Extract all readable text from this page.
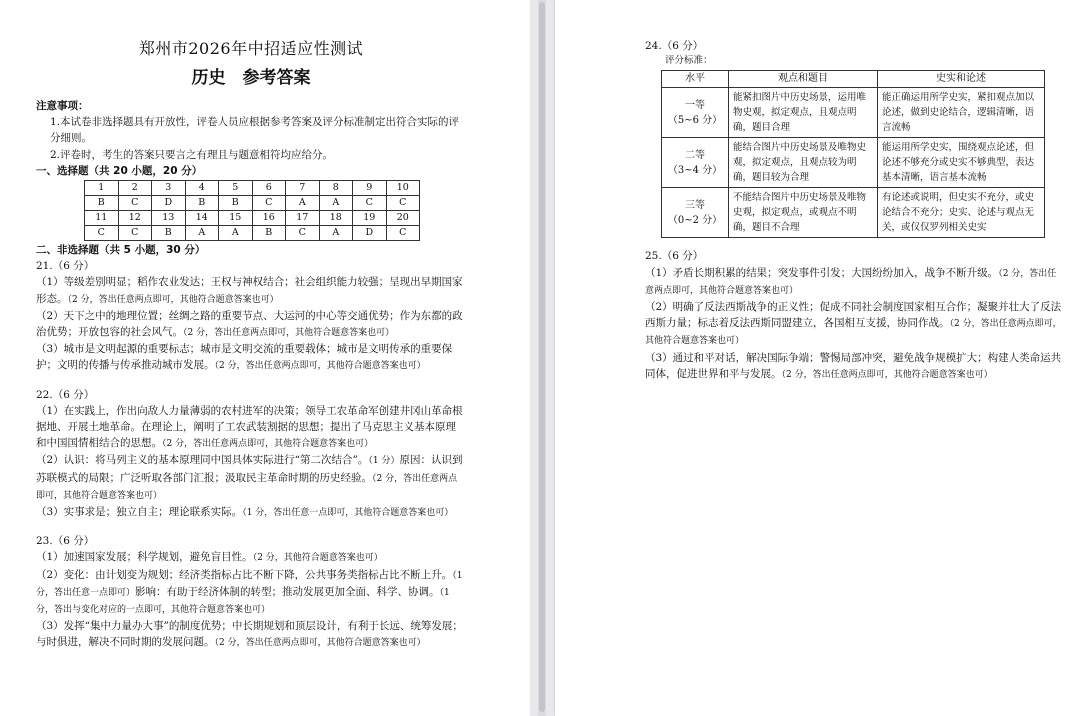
郑州市2026年中招适应性测试
历史　参考答案
注意事项：
1.本试卷非选择题具有开放性，评卷人员应根据参考答案及评分标准制定出符合实际的评分细则。
2.评卷时，考生的答案只要言之有理且与题意相符均应给分。
一、选择题（共 20 小题，20 分）
1	2	3	4	5	6	7	8	9	10
B	C	D	B	B	C	A	A	C	C
11	12	13	14	15	16	17	18	19	20
C	C	B	A	A	B	C	A	D	C
二、非选择题（共 5 小题，30 分）
21.（6 分）
（1）等级差别明显；稻作农业发达；王权与神权结合；社会组织能力较强；呈现出早期国家形态。（2 分，答出任意两点即可，其他符合题意答案也可）
（2）天下之中的地理位置；丝绸之路的重要节点、大运河的中心等交通优势；作为东都的政治优势；开放包容的社会风气。（2 分，答出任意两点即可，其他符合题意答案也可）
（3）城市是文明起源的重要标志；城市是文明交流的重要载体；城市是文明传承的重要保护；文明的传播与传承推动城市发展。（2 分，答出任意两点即可，其他符合题意答案也可）
22.（6 分）
（1）在实践上，作出向敌人力量薄弱的农村进军的决策；领导工农革命军创建井冈山革命根据地、开展土地革命。在理论上，阐明了工农武装割据的思想；提出了马克思主义基本原理和中国国情相结合的思想。（2 分，答出任意两点即可，其他符合题意答案也可）
（2）认识：将马列主义的基本原理同中国具体实际进行“第二次结合”。（1 分）原因：认识到苏联模式的局限；广泛听取各部门汇报；汲取民主革命时期的历史经验。（2 分，答出任意两点即可，其他符合题意答案也可）
（3）实事求是；独立自主；理论联系实际。（1 分，答出任意一点即可，其他符合题意答案也可）
23.（6 分）
（1）加速国家发展；科学规划，避免盲目性。（2 分，其他符合题意答案也可）
（2）变化：由计划变为规划；经济类指标占比不断下降，公共事务类指标占比不断上升。（1 分，答出任意一点即可）影响：有助于经济体制的转型；推动发展更加全面、科学、协调。（1 分，答出与变化对应的一点即可，其他符合题意答案也可）
（3）发挥“集中力量办大事”的制度优势；中长期规划和顶层设计，有利于长远、统筹发展；与时俱进，解决不同时期的发展问题。（2 分，答出任意两点即可，其他符合题意答案也可）
24.（6 分）
评分标准：
水平	观点和题目	史实和论述

一等
（5~6 分）	能紧扣图片中历史场景，运用唯物史观，拟定观点，且观点明确，题目合理	能正确运用所学史实，紧扣观点加以论述，做到史论结合，逻辑清晰，语言流畅

二等
（3~4 分）	能结合图片中历史场景及唯物史观，拟定观点，且观点较为明确，题目较为合理	能运用所学史实，围绕观点论述，但论述不够充分或史实不够典型，表达基本清晰，语言基本流畅

三等
（0~2 分）	不能结合图片中历史场景及唯物史观，拟定观点，或观点不明确，题目不合理	有论述或说明，但史实不充分，或史论结合不充分；史实、论述与观点无关，或仅仅罗列相关史实
25.（6 分）
（1）矛盾长期积累的结果；突发事件引发；大国纷纷加入，战争不断升级。（2 分，答出任意两点即可，其他符合题意答案也可）
（2）明确了反法西斯战争的正义性；促成不同社会制度国家相互合作；凝聚并壮大了反法西斯力量；标志着反法西斯同盟建立，各国相互支援，协同作战。（2 分，答出任意两点即可，其他符合题意答案也可）
（3）通过和平对话，解决国际争端；警惕局部冲突，避免战争规模扩大；构建人类命运共同体，促进世界和平与发展。（2 分，答出任意两点即可，其他符合题意答案也可）
